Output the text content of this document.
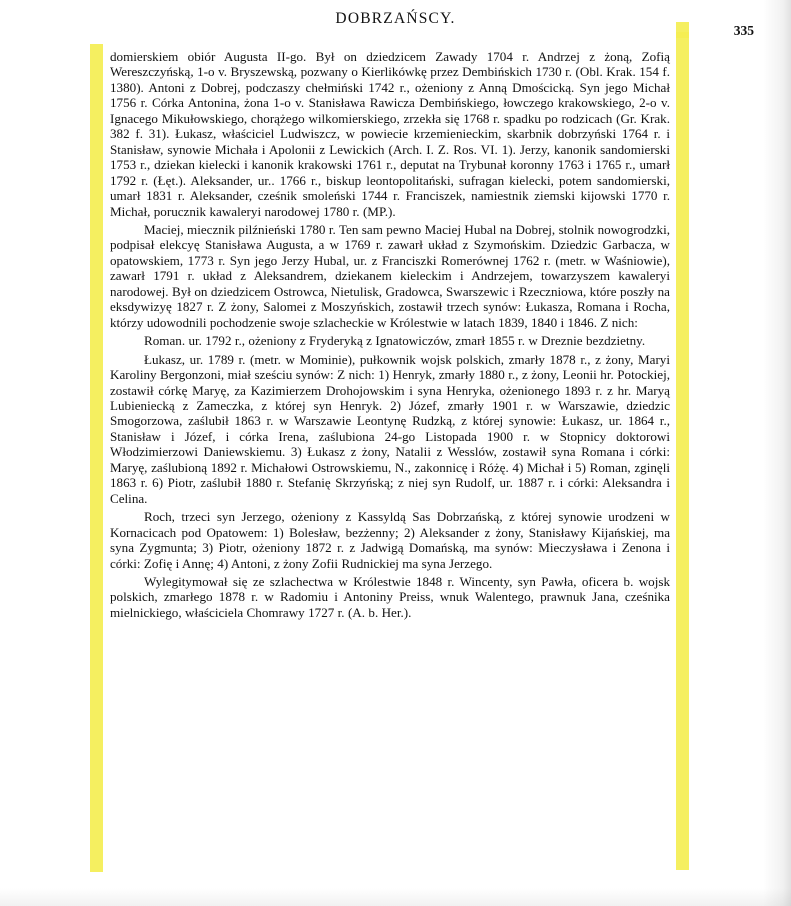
DOBRZAŃSCY.
335

domierskiem obiór Augusta II-go. Był on dziedzicem Zawady 1704 r. Andrzej z żoną, Zofią Wereszczyńską, 1-o v. Bryszewską, pozwany o Kierlikówkę przez Dembińskich 1730 r. (Obl. Krak. 154 f. 1380). Antoni z Dobrej, podczaszy chełmiński 1742 r., ożeniony z Anną Dmościcką. Syn jego Michał 1756 r. Córka Antonina, żona 1-o v. Stanisława Rawicza Dembińskiego, łowczego krakowskiego, 2-o v. Ignacego Mikułowskiego, chorążego wilkomierskiego, zrzekła się 1768 r. spadku po rodzicach (Gr. Krak. 382 f. 31). Łukasz, właściciel Ludwiszcz, w powiecie krzemienieckim, skarbnik dobrzyński 1764 r. i Stanisław, synowie Michała i Apolonii z Lewickich (Arch. I. Z. Ros. VI. 1). Jerzy, kanonik sandomierski 1753 r., dziekan kielecki i kanonik krakowski 1761 r., deputat na Trybunał koronny 1763 i 1765 r., umarł 1792 r. (Łęt.). Aleksander, ur.. 1766 r., biskup leontopolitański, sufragan kielecki, potem sandomierski, umarł 1831 r. Aleksander, cześnik smoleński 1744 r. Franciszek, namiestnik ziemski kijowski 1770 r. Michał, porucznik kawaleryi narodowej 1780 r. (MP.).

Maciej, miecznik pilźnieński 1780 r. Ten sam pewno Maciej Hubal na Dobrej, stolnik nowogrodzki, podpisał elekcyę Stanisława Augusta, a w 1769 r. zawarł układ z Szymońskim. Dziedzic Garbacza, w opatowskiem, 1773 r. Syn jego Jerzy Hubal, ur. z Franciszki Romerównej 1762 r. (metr. w Waśniowie), zawarł 1791 r. układ z Aleksandrem, dziekanem kieleckim i Andrzejem, towarzyszem kawaleryi narodowej. Był on dziedzicem Ostrowca, Nietulisk, Gradowca, Swarszewic i Rzeczniowa, które poszły na eksdywizyę 1827 r. Z żony, Salomei z Moszyńskich, zostawił trzech synów: Łukasza, Romana i Rocha, którzy udowodnili pochodzenie swoje szlacheckie w Królestwie w latach 1839, 1840 i 1846. Z nich:

Roman. ur. 1792 r., ożeniony z Fryderyką z Ignatowiczów, zmarł 1855 r. w Dreznie bezdzietny.

Łukasz, ur. 1789 r. (metr. w Mominie), pułkownik wojsk polskich, zmarły 1878 r., z żony, Maryi Karoliny Bergonzoni, miał sześciu synów: Z nich: 1) Henryk, zmarły 1880 r., z żony, Leonii hr. Potockiej, zostawił córkę Maryę, za Kazimierzem Drohojowskim i syna Henryka, ożenionego 1893 r. z hr. Maryą Lubieniecką z Zameczka, z której syn Henryk. 2) Józef, zmarły 1901 r. w Warszawie, dziedzic Smogorzowa, zaślubił 1863 r. w Warszawie Leontynę Rudzką, z której synowie: Łukasz, ur. 1864 r., Stanisław i Józef, i córka Irena, zaślubiona 24-go Listopada 1900 r. w Stopnicy doktorowi Włodzimierzowi Daniewskiemu. 3) Łukasz z żony, Natalii z Wesslów, zostawił syna Romana i córki: Maryę, zaślubioną 1892 r. Michałowi Ostrowskiemu, N., zakonnicę i Różę. 4) Michał i 5) Roman, zginęli 1863 r. 6) Piotr, zaślubił 1880 r. Stefanię Skrzyńską; z niej syn Rudolf, ur. 1887 r. i córki: Aleksandra i Celina.

Roch, trzeci syn Jerzego, ożeniony z Kassyldą Sas Dobrzańską, z której synowie urodzeni w Kornacicach pod Opatowem: 1) Bolesław, bezżenny; 2) Aleksander z żony, Stanisławy Kijańskiej, ma syna Zygmunta; 3) Piotr, ożeniony 1872 r. z Jadwigą Domańską, ma synów: Mieczysława i Zenona i córki: Zofię i Annę; 4) Antoni, z żony Zofii Rudnickiej ma syna Jerzego.

Wylegitymował się ze szlachectwa w Królestwie 1848 r. Wincenty, syn Pawła, oficera b. wojsk polskich, zmarłego 1878 r. w Radomiu i Antoniny Preiss, wnuk Walentego, prawnuk Jana, cześnika mielnickiego, właściciela Chomrawy 1727 r. (A. b. Her.).
